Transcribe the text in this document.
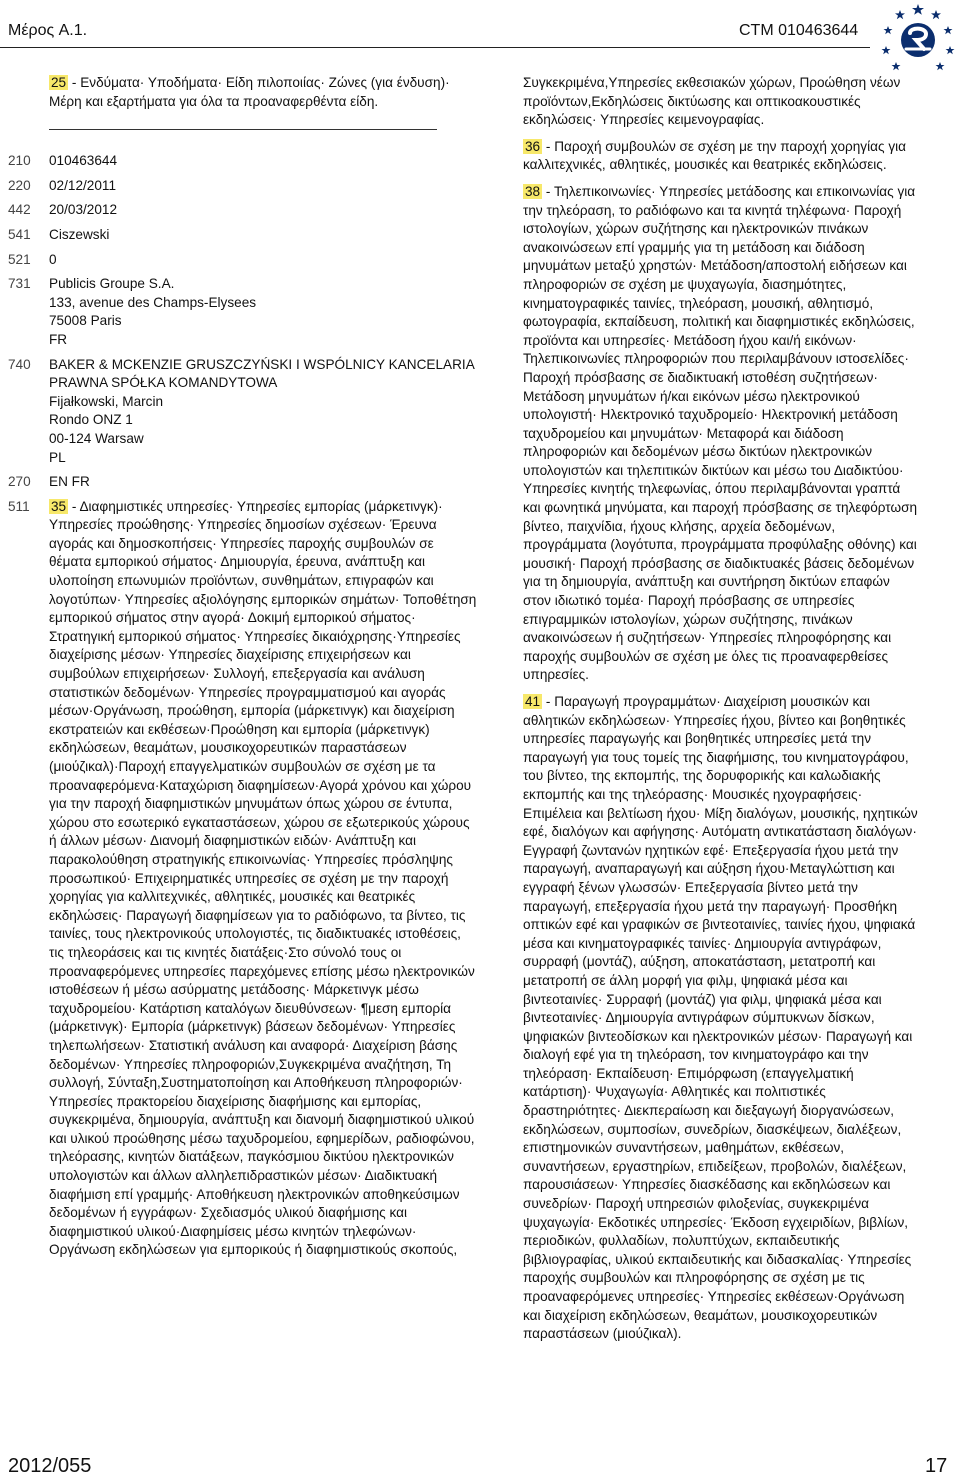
Μέρος A.1.	CTM 010463644
25 - Ενδύματα· Υποδήματα· Είδη πιλοποιίας· Ζώνες (για ένδυση)· Μέρη και εξαρτήματα για όλα τα προαναφερθέντα είδη.
210	010463644
220	02/12/2011
442	20/03/2012
541	Ciszewski
521	0
731	Publicis Groupe S.A.
133, avenue des Champs-Elysees
75008 Paris
FR
740	BAKER & MCKENZIE GRUSZCZYŃSKI I WSPÓLNICY KANCELARIA PRAWNA SPÓŁKA KOMANDYTOWA
Fijałkowski, Marcin
Rondo ONZ 1
00-124 Warsaw
PL
270	EN FR
511	35 - Διαφημιστικές υπηρεσίες· Υπηρεσίες εμπορίας (μάρκετινγκ)· Υπηρεσίες προώθησης· Υπηρεσίες δημοσίων σχέσεων· Έρευνα αγοράς και δημοσκοπήσεις· Υπηρεσίες παροχής συμβουλών σε θέματα εμπορικού σήματος· Δημιουργία, έρευνα, ανάπτυξη και υλοποίηση επωνυμιών προϊόντων, συνθημάτων, επιγραφών και λογοτύπων· Υπηρεσίες αξιολόγησης εμπορικών σημάτων· Τοποθέτηση εμπορικού σήματος στην αγορά· Δοκιμή εμπορικού σήματος· Στρατηγική εμπορικού σήματος· Υπηρεσίες δικαιόχρησης·Υπηρεσίες διαχείρισης μέσων· Υπηρεσίες διαχείρισης επιχειρήσεων και συμβούλων επιχειρήσεων· Συλλογή, επεξεργασία και ανάλυση στατιστικών δεδομένων· Υπηρεσίες προγραμματισμού και αγοράς μέσων·Οργάνωση, προώθηση, εμπορία (μάρκετινγκ) και διαχείριση εκστρατειών και εκθέσεων·Προώθηση και εμπορία (μάρκετινγκ) εκδηλώσεων, θεαμάτων, μουσικοχορευτικών παραστάσεων (μιούζικαλ)·Παροχή επαγγελματικών συμβουλών σε σχέση με τα προαναφερόμενα·Καταχώριση διαφημίσεων·Αγορά χρόνου και χώρου για την παροχή διαφημιστικών μηνυμάτων όπως χώρου σε έντυπα, χώρου στο εσωτερικό εγκαταστάσεων, χώρου σε εξωτερικούς χώρους ή άλλων μέσων· Διανομή διαφημιστικών ειδών· Ανάπτυξη και παρακολούθηση στρατηγικής επικοινωνίας· Υπηρεσίες πρόσληψης προσωπικού· Επιχειρηματικές υπηρεσίες σε σχέση με την παροχή χορηγίας για καλλιτεχνικές, αθλητικές, μουσικές και θεατρικές εκδηλώσεις· Παραγωγή διαφημίσεων για το ραδιόφωνο, τα βίντεο, τις ταινίες, τους ηλεκτρονικούς υπολογιστές, τις διαδικτυακές ιστοθέσεις, τις τηλεοράσεις και τις κινητές διατάξεις·Στο σύνολό τους οι προαναφερόμενες υπηρεσίες παρεχόμενες επίσης μέσω ηλεκτρονικών ιστοθέσεων ή μέσω ασύρματης μετάδοσης· Μάρκετινγκ μέσω ταχυδρομείου· Κατάρτιση καταλόγων διευθύνσεων· ¶μεση εμπορία (μάρκετινγκ)· Εμπορία (μάρκετινγκ) βάσεων δεδομένων· Υπηρεσίες τηλεπωλήσεων· Στατιστική ανάλυση και αναφορά· Διαχείριση βάσης δεδομένων· Υπηρεσίες πληροφοριών,Συγκεκριμένα αναζήτηση, Τη συλλογή, Σύνταξη,Συστηματοποίηση και Αποθήκευση πληροφοριών· Υπηρεσίες πρακτορείου διαχείρισης διαφήμισης και εμπορίας, συγκεκριμένα, δημιουργία, ανάπτυξη και διανομή διαφημιστικού υλικού και υλικού προώθησης μέσω ταχυδρομείου, εφημερίδων, ραδιοφώνου, τηλεόρασης, κινητών διατάξεων, παγκόσμιου δικτύου ηλεκτρονικών υπολογιστών και άλλων αλληλεπιδραστικών μέσων· Διαδικτυακή διαφήμιση επί γραμμής· Αποθήκευση ηλεκτρονικών αποθηκεύσιμων δεδομένων ή εγγράφων· Σχεδιασμός υλικού διαφήμισης και διαφημιστικού υλικού·Διαφημίσεις μέσω κινητών τηλεφώνων· Οργάνωση εκδηλώσεων για εμπορικούς ή διαφημιστικούς σκοπούς,

Συγκεκριμένα,Υπηρεσίες εκθεσιακών χώρων, Προώθηση νέων προϊόντων,Εκδηλώσεις δικτύωσης και οπτικοακουστικές εκδηλώσεις· Υπηρεσίες κειμενογραφίας.

36 - Παροχή συμβουλών σε σχέση με την παροχή χορηγίας για καλλιτεχνικές, αθλητικές, μουσικές και θεατρικές εκδηλώσεις.

38 - Τηλεπικοινωνίες· Υπηρεσίες μετάδοσης και επικοινωνίας για την τηλεόραση, το ραδιόφωνο και τα κινητά τηλέφωνα· Παροχή ιστολογίων, χώρων συζήτησης και ηλεκτρονικών πινάκων ανακοινώσεων επί γραμμής για τη μετάδοση και διάδοση μηνυμάτων μεταξύ χρηστών· Μετάδοση/αποστολή ειδήσεων και πληροφοριών σε σχέση με ψυχαγωγία, διασημότητες, κινηματογραφικές ταινίες, τηλεόραση, μουσική, αθλητισμό, φωτογραφία, εκπαίδευση, πολιτική και διαφημιστικές εκδηλώσεις, προϊόντα και υπηρεσίες· Μετάδοση ήχου και/ή εικόνων· Τηλεπικοινωνίες πληροφοριών που περιλαμβάνουν ιστοσελίδες· Παροχή πρόσβασης σε διαδικτυακή ιστοθέση συζητήσεων· Μετάδοση μηνυμάτων ή/και εικόνων μέσω ηλεκτρονικού υπολογιστή· Ηλεκτρονικό ταχυδρομείο· Ηλεκτρονική μετάδοση ταχυδρομείου και μηνυμάτων· Μεταφορά και διάδοση πληροφοριών και δεδομένων μέσω δικτύων ηλεκτρονικών υπολογιστών και τηλεπιτικών δικτύων και μέσω του Διαδικτύου· Υπηρεσίες κινητής τηλεφωνίας, όπου περιλαμβάνονται γραπτά και φωνητικά μηνύματα, και παροχή πρόσβασης σε τηλεφόρτωση βίντεο, παιχνίδια, ήχους κλήσης, αρχεία δεδομένων, προγράμματα (λογότυπα, προγράμματα προφύλαξης οθόνης) και μουσική· Παροχή πρόσβασης σε διαδικτυακές βάσεις δεδομένων για τη δημιουργία, ανάπτυξη και συντήρηση δικτύων επαφών στον ιδιωτικό τομέα· Παροχή πρόσβασης σε υπηρεσίες επιγραμμικών ιστολογίων, χώρων συζήτησης, πινάκων ανακοινώσεων ή συζητήσεων· Υπηρεσίες πληροφόρησης και παροχής συμβουλών σε σχέση με όλες τις προαναφερθείσες υπηρεσίες.

41 - Παραγωγή προγραμμάτων· Διαχείριση μουσικών και αθλητικών εκδηλώσεων· Υπηρεσίες ήχου, βίντεο και βοηθητικές υπηρεσίες παραγωγής και βοηθητικές υπηρεσίες μετά την παραγωγή για τους τομείς της διαφήμισης, του κινηματογράφου, του βίντεο, της εκπομπής, της δορυφορικής και καλωδιακής εκπομπής και της τηλεόρασης· Μουσικές ηχογραφήσεις· Επιμέλεια και βελτίωση ήχου· Μίξη διαλόγων, μουσικής, ηχητικών εφέ, διαλόγων και αφήγησης· Αυτόματη αντικατάσταση διαλόγων· Εγγραφή ζωντανών ηχητικών εφέ· Επεξεργασία ήχου μετά την παραγωγή, αναπαραγωγή και αύξηση ήχου·Μεταγλώττιση και εγγραφή ξένων γλωσσών· Επεξεργασία βίντεο μετά την παραγωγή, επεξεργασία ήχου μετά την παραγωγή· Προσθήκη οπτικών εφέ και γραφικών σε βιντεοταινίες, ταινίες ήχου, ψηφιακά μέσα και κινηματογραφικές ταινίες· Δημιουργία αντιγράφων, συρραφή (μοντάζ), αύξηση, αποκατάσταση, μετατροπή και μετατροπή σε άλλη μορφή για φιλμ, ψηφιακά μέσα και βιντεοταινίες· Συρραφή (μοντάζ) για φιλμ, ψηφιακά μέσα και βιντεοταινίες· Δημιουργία αντιγράφων σύμπυκνων δίσκων, ψηφιακών βιντεοδίσκων και ηλεκτρονικών μέσων· Παραγωγή και διαλογή εφέ για τη τηλεόραση, τον κινηματογράφο και την τηλεόραση· Εκπαίδευση· Επιμόρφωση (επαγγελματική κατάρτιση)· Ψυχαγωγία· Αθλητικές και πολιτιστικές δραστηριότητες· Διεκπεραίωση και διεξαγωγή διοργανώσεων, εκδηλώσεων, συμποσίων, συνεδρίων, διασκέψεων, διαλέξεων, επιστημονικών συναντήσεων, μαθημάτων, εκθέσεων, συναντήσεων, εργαστηρίων, επιδείξεων, προβολών, διαλέξεων, παρουσιάσεων· Υπηρεσίες διασκέδασης και εκδηλώσεων και συνεδρίων· Παροχή υπηρεσιών φιλοξενίας, συγκεκριμένα ψυχαγωγία· Εκδοτικές υπηρεσίες· Έκδοση εγχειριδίων, βιβλίων, περιοδικών, φυλλαδίων, πολυπτύχων, εκπαιδευτικής βιβλιογραφίας, υλικού εκπαιδευτικής και διδασκαλίας· Υπηρεσίες παροχής συμβουλών και πληροφόρησης σε σχέση με τις προαναφερόμενες υπηρεσίες· Υπηρεσίες εκθέσεων·Οργάνωση και διαχείριση εκδηλώσεων, θεαμάτων, μουσικοχορευτικών παραστάσεων (μιούζικαλ).

2012/055	17
